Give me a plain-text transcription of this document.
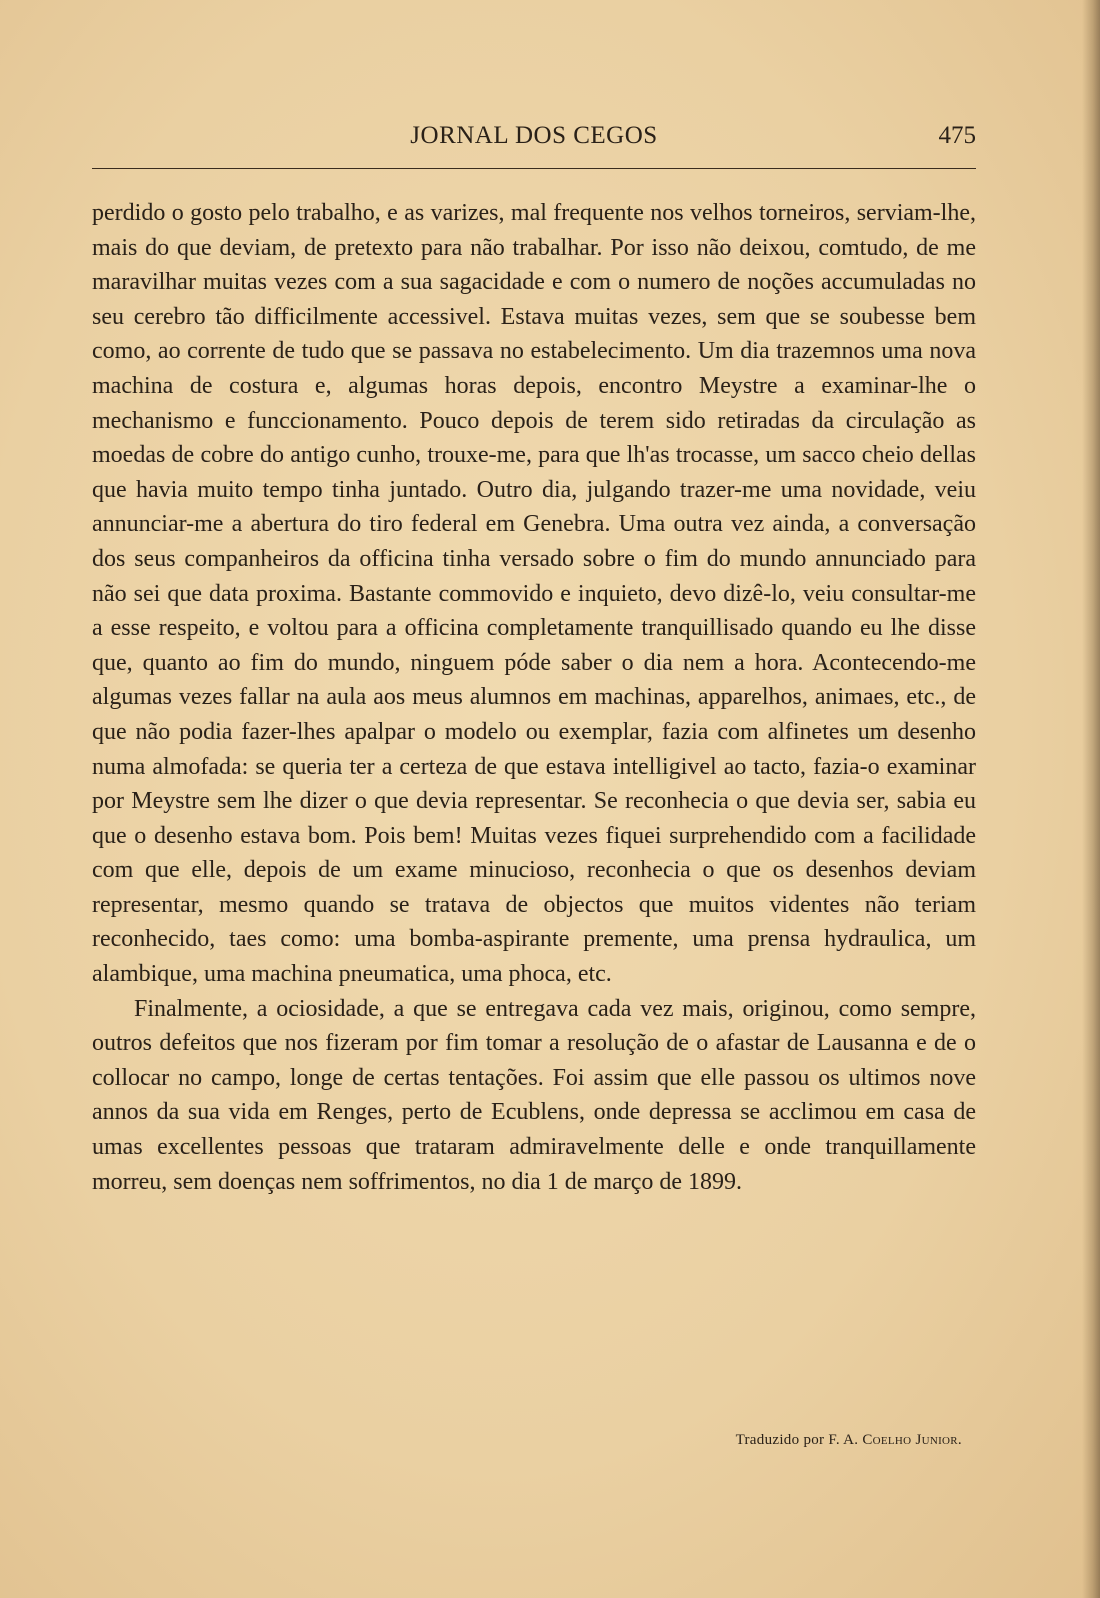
JORNAL DOS CEGOS	475

perdido o gosto pelo trabalho, e as varizes, mal frequente nos velhos torneiros, serviam-lhe, mais do que deviam, de pretexto para não trabalhar. Por isso não deixou, comtudo, de me maravilhar muitas vezes com a sua sagacidade e com o numero de noções accumuladas no seu cerebro tão difficilmente accessivel. Estava muitas vezes, sem que se soubesse bem como, ao corrente de tudo que se passava no estabelecimento. Um dia trazemnos uma nova machina de costura e, algumas horas depois, encontro Meystre a examinar-lhe o mechanismo e funccionamento. Pouco depois de terem sido retiradas da circulação as moedas de cobre do antigo cunho, trouxe-me, para que lh'as trocasse, um sacco cheio dellas que havia muito tempo tinha juntado. Outro dia, julgando trazer-me uma novidade, veiu annunciar-me a abertura do tiro federal em Genebra. Uma outra vez ainda, a conversação dos seus companheiros da officina tinha versado sobre o fim do mundo annunciado para não sei que data proxima. Bastante commovido e inquieto, devo dizê-lo, veiu consultar-me a esse respeito, e voltou para a officina completamente tranquillisado quando eu lhe disse que, quanto ao fim do mundo, ninguem póde saber o dia nem a hora. Acontecendo-me algumas vezes fallar na aula aos meus alumnos em machinas, apparelhos, animaes, etc., de que não podia fazer-lhes apalpar o modelo ou exemplar, fazia com alfinetes um desenho numa almofada: se queria ter a certeza de que estava intelligivel ao tacto, fazia-o examinar por Meystre sem lhe dizer o que devia representar. Se reconhecia o que devia ser, sabia eu que o desenho estava bom. Pois bem! Muitas vezes fiquei surprehendido com a facilidade com que elle, depois de um exame minucioso, reconhecia o que os desenhos deviam representar, mesmo quando se tratava de objectos que muitos videntes não teriam reconhecido, taes como: uma bomba-aspirante premente, uma prensa hydraulica, um alambique, uma machina pneumatica, uma phoca, etc.

Finalmente, a ociosidade, a que se entregava cada vez mais, originou, como sempre, outros defeitos que nos fizeram por fim tomar a resolução de o afastar de Lausanna e de o collocar no campo, longe de certas tentações. Foi assim que elle passou os ultimos nove annos da sua vida em Renges, perto de Ecublens, onde depressa se acclimou em casa de umas excellentes pessoas que trataram admiravelmente delle e onde tranquillamente morreu, sem doenças nem soffrimentos, no dia 1 de março de 1899.

Traduzido por F. A. Coelho Junior.
